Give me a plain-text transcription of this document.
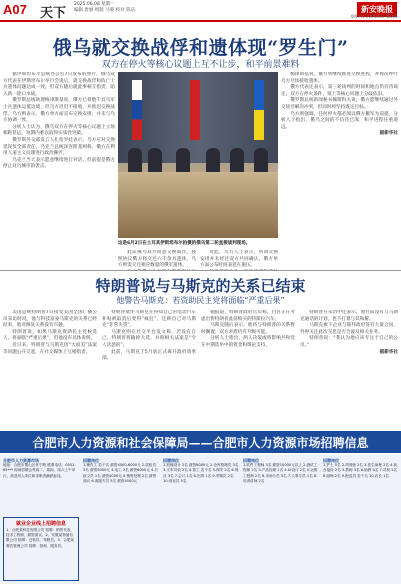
A07 天下
2025.06.08 星期一
编辑 唐丽 组版 马蒙 校对 陈洁	新安晚报
XIN AN EVENING NEWS
俄乌就交换战俘和遗体现“罗生门”
双方在停火等核心议题上互不让步，和平前景难料

据伊斯坦布尔总统办公室7日发布的照片，俄乌双方代表在伊斯坦布尔举行会谈后，就交换战俘和阵亡士兵遗体问题达成一致，但双方随后就此事相互指责，陷入新一轮口水战。

俄罗斯总统助理梅津斯基说，俄方已将数千具乌军士兵遗体运抵边境，但乌方迟迟不接收，并推迟交换战俘。乌方则表示，俄方单方面宣布交换安排，并未与乌方协调一致。

分析人士认为，俄乌双方在停火等核心议题上立场相距甚远，短期内难以取得实质性突破。

俄罗斯外交部发言人扎哈罗娃表示，乌方应对交换延误负全部责任。乌克兰总统泽连斯基则称，俄方在利用人道主义问题进行政治操弄。

乌克兰当天表示愿意继续进行对话，但前提是俄方停止对乌城市的袭击。

这是6月2日在土耳其伊斯坦布尔拍摄的俄乌第二轮直接谈判现场。

梅津斯基说，俄方将继续推进交换进程，并再次呼吁乌方尽快接收遗体。

俄方代表还表示，第三轮谈判的时间和地点仍有待商定。双方在停火条件、领土等核心问题上分歧依旧。

俄罗斯总统新闻秘书佩斯科夫说，俄方愿继续通过外交途径解决冲突，但同时将坚持既定目标。

乌方则强调，任何停火都必须以俄方撤军为前提。分析人士指出，俄乌之间的不信任已深，和平进程任重道远。

据新华社

此前俄乌双方同意交换战俘，按照协议俄方将交还六千余具遗体，乌方则需交还相应数量的俄军遗体。

对此，乌方人士表示，所谓交换安排并未经过双方共同确认，俄方单方面公布时间表意在施压。

特朗普说与马斯克的关系已结束
他警告马斯克：若资助民主党将面临“严重后果”

美国总统特朗普7日接受美国全国广播公司采访时说，他与科技富豪马斯克的关系已经结束，他对修复关系没有兴趣。

特朗普说，如果马斯克资助民主党候选人，将面临“严重后果”，但他没有具体说明。

近日来，特朗普与马斯克因“大而美”法案等问题公开交恶，在社交媒体上互相指责。

特朗普批评马斯克在得知自己的电动汽车补贴被取消后变得“疯狂”，还称自己对马斯克“非常失望”。

马斯克则在社交平台发文称，若没有自己，特朗普将输掉大选，并称相关法案是“令人厌恶的”。

此前，马斯克于5月底正式离开政府效率部。

据报道，特朗普政府官员称，白宫正在考虑出售特朗普此前购买的特斯拉汽车。

马斯克随后表示，他将与特朗普的关系暂时搁置，双方矛盾仍有升级可能。

分析人士指出，两人决裂或将影响共和党在中期选举中的资金和舆论支持。

特朗普在采访中还表示，他目前没有与马斯克通话的计划，也不打算与其和解。

马斯克旗下企业与联邦政府签有大量合同，外界关注此次交恶是否会波及相关业务。

特朗普说：“我认为他应该专注于自己的公司。”

据新华社
合肥市人力资源和社会保障局——合肥市人力资源市场招聘信息
合肥市人力资源市场
地址：合肥市蜀山区怀宁路 联系电话：0551-65*** 现场招聘会每周二、周四、周六上午举行，欢迎用人单位和求职者踊跃参加。
就业企业线上招聘信息
1、合肥某科技有限公司 招聘：销售代表、技术工程师，薪资面议。2、安徽某物流有限公司 招聘：仓管员、驾驶员。3、合肥某餐饮管理公司 招聘：厨师、服务员。
招聘岗位
1.操作工 若干名 薪资4500-6000元 2.质检员 3名 薪资5000元 3.电工 2名 薪资6000元 4.行政文员 1名 薪资4000元 5.销售经理 2名 薪资面议 6.客服专员 5名 薪资4500元
招聘岗位
1.机械设计 2名 薪资8000元 2.仓库管理员 3名 3.叉车司机 2名 4.普工 若干名 5.保安 2名 6.保洁 3名 7.会计 1名 8.出纳 1名 9.采购员 2名 10.营业员 5名
招聘岗位
1.软件工程师 3名 薪资10000元以上 2.测试工程师 2名 3.产品经理 1名 4.UI设计 2名 5.运维工程师 2名 6.市场专员 3名 7.人事专员 1名 8.培训讲师 2名
招聘岗位
1.护士 5名 2.药剂师 2名 3.医生助理 2名 4.前台接待 2名 5.教师 3名 6.助教 4名 7.司机 2名 8.厨师 2名 9.配送员 若干名 10.店长 1名
